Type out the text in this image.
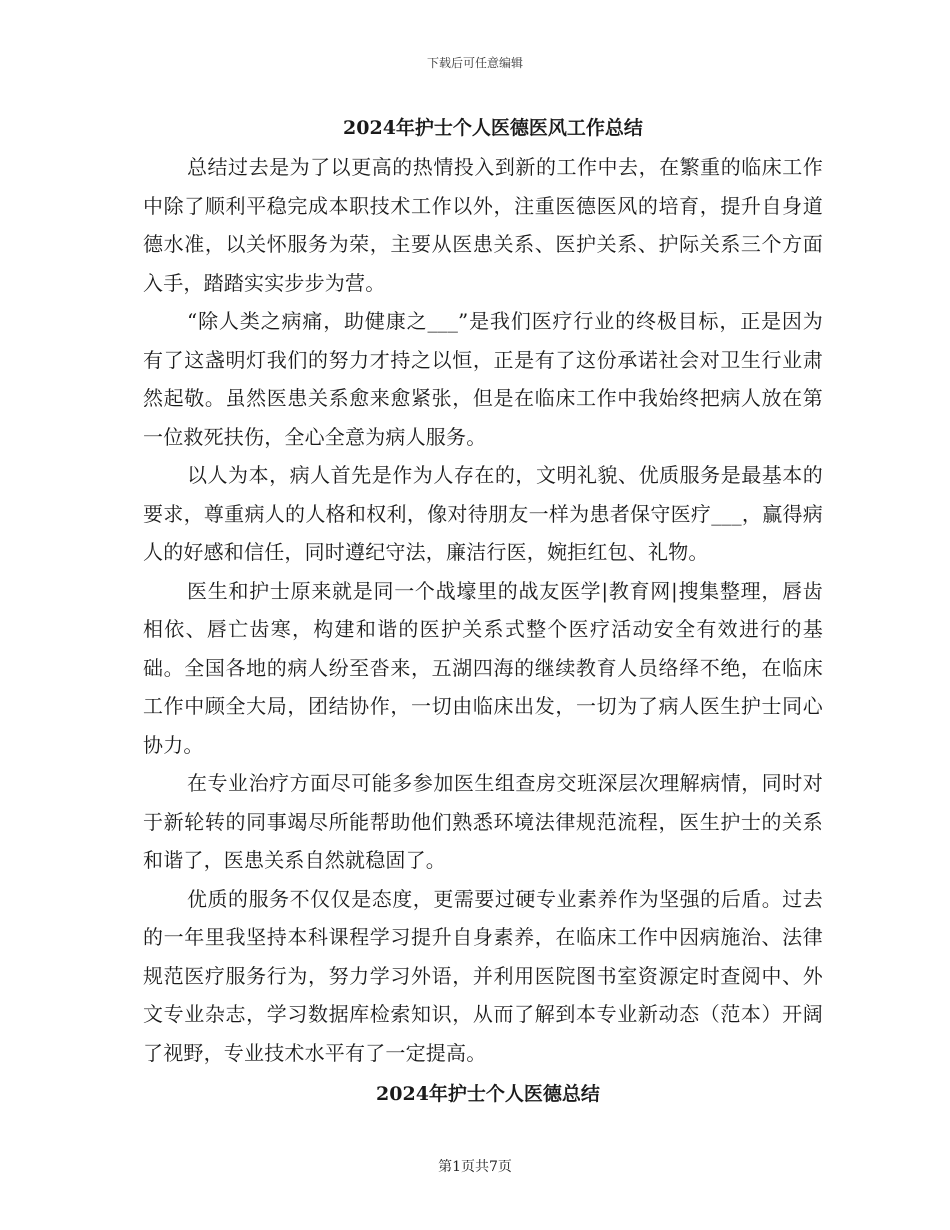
下载后可任意编辑
2024年护士个人医德医风工作总结

总结过去是为了以更高的热情投入到新的工作中去，在繁重的临床工作中除了顺利平稳完成本职技术工作以外，注重医德医风的培育，提升自身道德水准，以关怀服务为荣，主要从医患关系、医护关系、护际关系三个方面入手，踏踏实实步步为营。

“除人类之病痛，助健康之___”是我们医疗行业的终极目标，正是因为有了这盏明灯我们的努力才持之以恒，正是有了这份承诺社会对卫生行业肃然起敬。虽然医患关系愈来愈紧张，但是在临床工作中我始终把病人放在第一位救死扶伤，全心全意为病人服务。

以人为本，病人首先是作为人存在的，文明礼貌、优质服务是最基本的要求，尊重病人的人格和权利，像对待朋友一样为患者保守医疗___，赢得病人的好感和信任，同时遵纪守法，廉洁行医，婉拒红包、礼物。

医生和护士原来就是同一个战壕里的战友医学|教育网|搜集整理，唇齿相依、唇亡齿寒，构建和谐的医护关系式整个医疗活动安全有效进行的基础。全国各地的病人纷至沓来，五湖四海的继续教育人员络绎不绝，在临床工作中顾全大局，团结协作，一切由临床出发，一切为了病人医生护士同心协力。

在专业治疗方面尽可能多参加医生组查房交班深层次理解病情，同时对于新轮转的同事竭尽所能帮助他们熟悉环境法律规范流程，医生护士的关系和谐了，医患关系自然就稳固了。

优质的服务不仅仅是态度，更需要过硬专业素养作为坚强的后盾。过去的一年里我坚持本科课程学习提升自身素养，在临床工作中因病施治、法律规范医疗服务行为，努力学习外语，并利用医院图书室资源定时查阅中、外文专业杂志，学习数据库检索知识，从而了解到本专业新动态（范本）开阔了视野，专业技术水平有了一定提高。

2024年护士个人医德总结
第1页共7页
